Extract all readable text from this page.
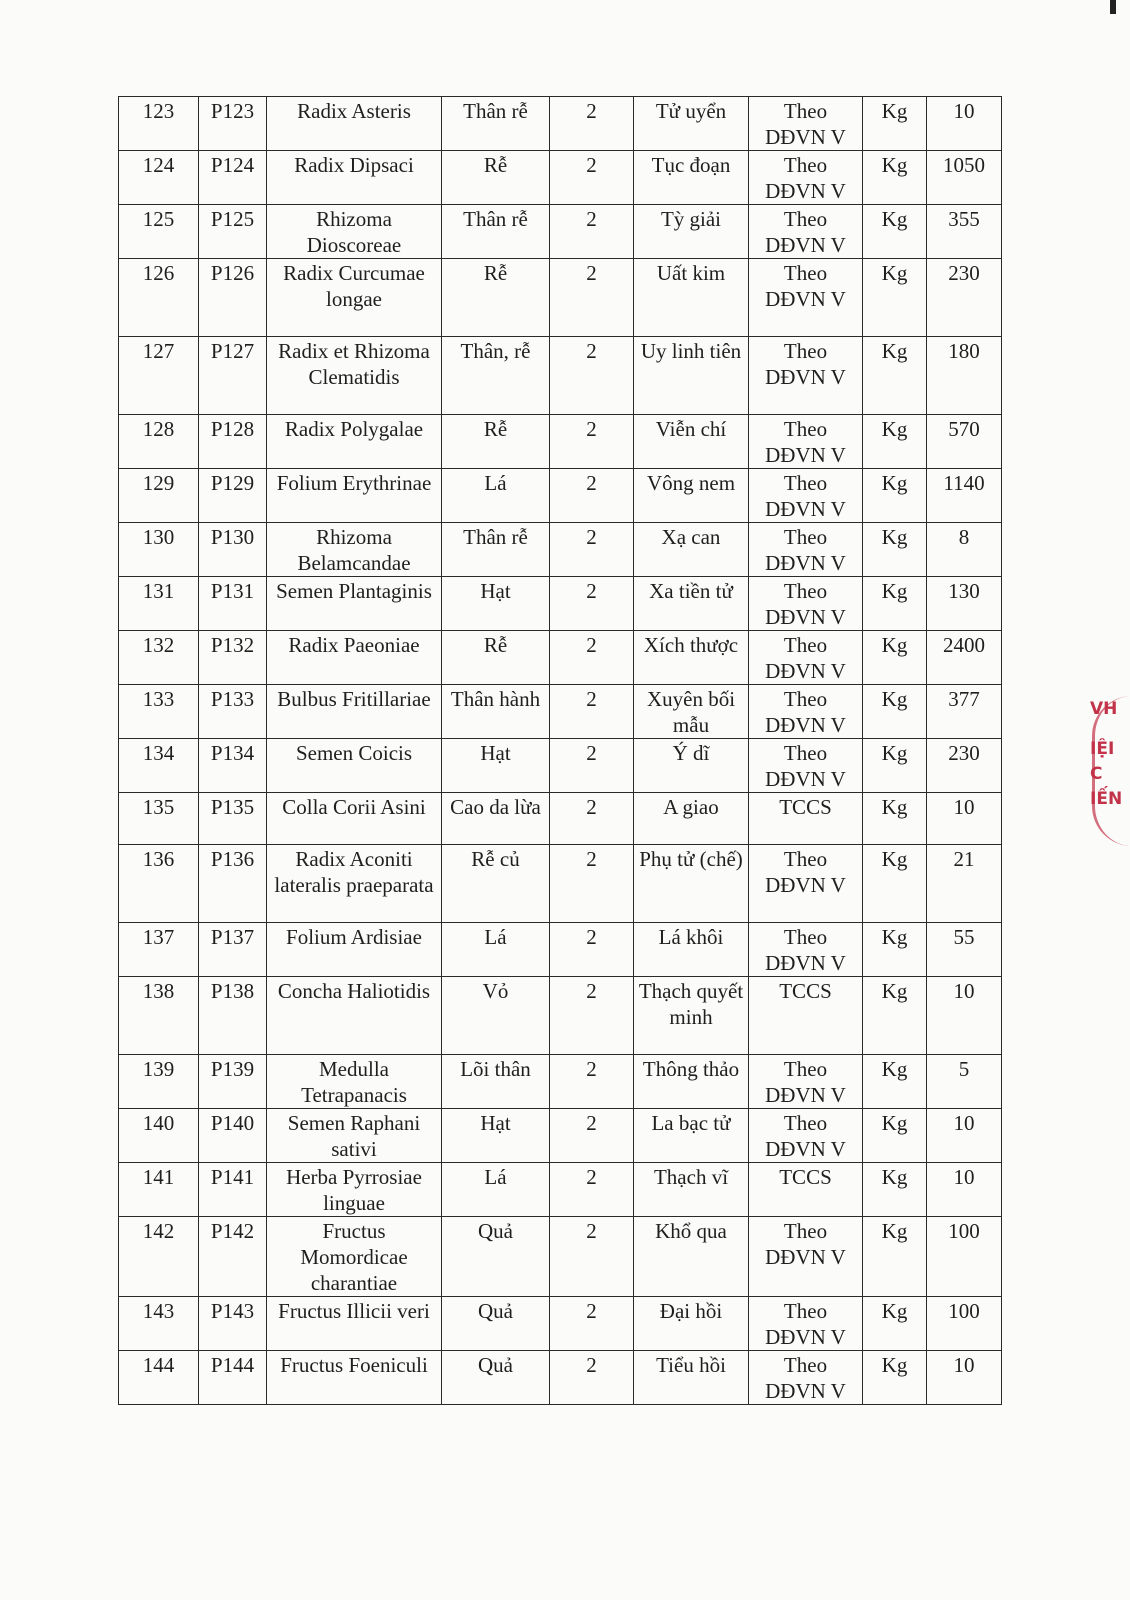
123	P123	Radix Asteris	Thân rễ	2	Tử uyển	Theo DĐVN V	Kg	10
124	P124	Radix Dipsaci	Rễ	2	Tục đoạn	Theo DĐVN V	Kg	1050
125	P125	Rhizoma Dioscoreae	Thân rễ	2	Tỳ giải	Theo DĐVN V	Kg	355
126	P126	Radix Curcumae longae	Rễ	2	Uất kim	Theo DĐVN V	Kg	230
127	P127	Radix et Rhizoma Clematidis	Thân, rễ	2	Uy linh tiên	Theo DĐVN V	Kg	180
128	P128	Radix Polygalae	Rễ	2	Viễn chí	Theo DĐVN V	Kg	570
129	P129	Folium Erythrinae	Lá	2	Vông nem	Theo DĐVN V	Kg	1140
130	P130	Rhizoma Belamcandae	Thân rễ	2	Xạ can	Theo DĐVN V	Kg	8
131	P131	Semen Plantaginis	Hạt	2	Xa tiền tử	Theo DĐVN V	Kg	130
132	P132	Radix Paeoniae	Rễ	2	Xích thược	Theo DĐVN V	Kg	2400
133	P133	Bulbus Fritillariae	Thân hành	2	Xuyên bối mẫu	Theo DĐVN V	Kg	377
134	P134	Semen Coicis	Hạt	2	Ý dĩ	Theo DĐVN V	Kg	230
135	P135	Colla Corii Asini	Cao da lừa	2	A giao	TCCS	Kg	10
136	P136	Radix Aconiti lateralis praeparata	Rễ củ	2	Phụ tử (chế)	Theo DĐVN V	Kg	21
137	P137	Folium Ardisiae	Lá	2	Lá khôi	Theo DĐVN V	Kg	55
138	P138	Concha Haliotidis	Vỏ	2	Thạch quyết minh	TCCS	Kg	10
139	P139	Medulla Tetrapanacis	Lõi thân	2	Thông thảo	Theo DĐVN V	Kg	5
140	P140	Semen Raphani sativi	Hạt	2	La bạc tử	Theo DĐVN V	Kg	10
141	P141	Herba Pyrrosiae linguae	Lá	2	Thạch vĩ	TCCS	Kg	10
142	P142	Fructus Momordicae charantiae	Quả	2	Khổ qua	Theo DĐVN V	Kg	100
143	P143	Fructus Illicii veri	Quả	2	Đại hồi	Theo DĐVN V	Kg	100
144	P144	Fructus Foeniculi	Quả	2	Tiểu hồi	Theo DĐVN V	Kg	10
VH
IỆI
C
IẾN
